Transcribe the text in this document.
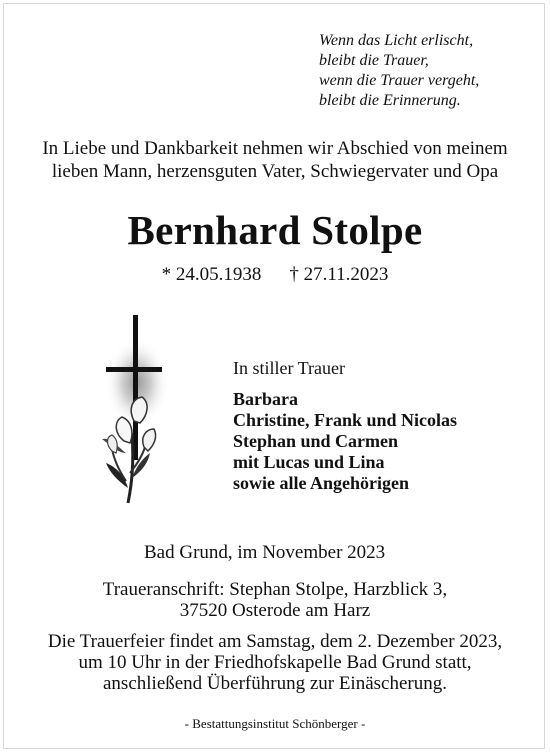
Wenn das Licht erlischt,
bleibt die Trauer,
wenn die Trauer vergeht,
bleibt die Erinnerung.
In Liebe und Dankbarkeit nehmen wir Abschied von meinem
lieben Mann, herzensguten Vater, Schwiegervater und Opa
Bernhard Stolpe
* 24.05.1938 † 27.11.2023
In stiller Trauer
Barbara
Christine, Frank und Nicolas
Stephan und Carmen
mit Lucas und Lina
sowie alle Angehörigen
Bad Grund, im November 2023
Traueranschrift: Stephan Stolpe, Harzblick 3,
37520 Osterode am Harz
Die Trauerfeier findet am Samstag, dem 2. Dezember 2023,
um 10 Uhr in der Friedhofskapelle Bad Grund statt,
anschließend Überführung zur Einäscherung.
- Bestattungsinstitut Schönberger -
